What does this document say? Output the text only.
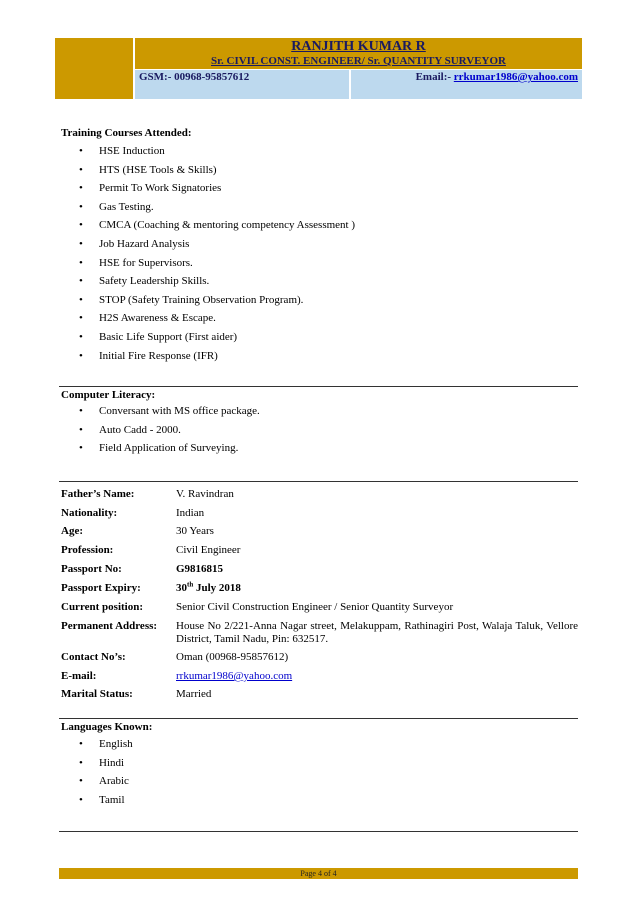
RANJITH KUMAR R
Sr. CIVIL CONST. ENGINEER/ Sr. QUANTITY SURVEYOR
GSM:- 00968-95857612	Email:- rrkumar1986@yahoo.com
Training Courses Attended:
• HSE Induction
• HTS (HSE Tools & Skills)
• Permit To Work Signatories
• Gas Testing.
• CMCA (Coaching & mentoring competency Assessment )
• Job Hazard Analysis
• HSE for Supervisors.
• Safety Leadership Skills.
• STOP (Safety Training Observation Program).
• H2S Awareness & Escape.
• Basic Life Support (First aider)
• Initial Fire Response (IFR)
Computer Literacy:
• Conversant with MS office package.
• Auto Cadd - 2000.
• Field Application of Surveying.
Father’s Name:	V. Ravindran
Nationality:	Indian
Age:	30 Years
Profession:	Civil Engineer
Passport No:	G9816815
Passport Expiry:	30th July 2018
Current position:	Senior Civil Construction Engineer / Senior Quantity Surveyor
Permanent Address: House No 2/221-Anna Nagar street, Melakuppam, Rathinagiri Post, Walaja Taluk, Vellore District, Tamil Nadu, Pin: 632517.
Contact No’s:	Oman (00968-95857612)
E-mail:	rrkumar1986@yahoo.com
Marital Status:	Married
Languages Known:
• English
• Hindi
• Arabic
• Tamil
Page 4 of 4
